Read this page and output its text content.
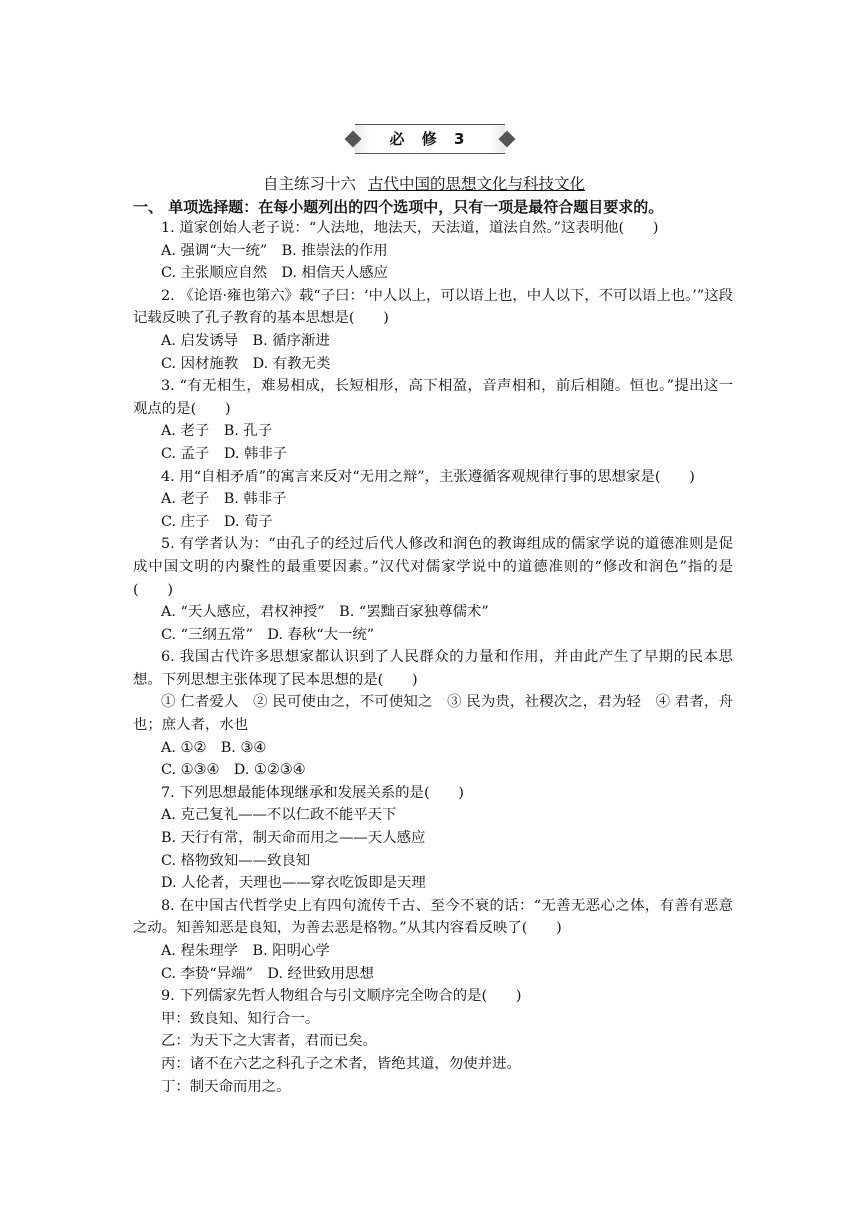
必 修 3
自主练习十六 古代中国的思想文化与科技文化
一、 单项选择题：在每小题列出的四个选项中，只有一项是最符合题目要求的。

1. 道家创始人老子说：“人法地，地法天，天法道，道法自然。”这表明他(　　)

A. 强调“大一统”　B. 推崇法的作用

C. 主张顺应自然　D. 相信天人感应

2. 《论语·雍也第六》载“子曰：‘中人以上，可以语上也，中人以下，不可以语上也。’”这段记载反映了孔子教育的基本思想是(　　)

A. 启发诱导　B. 循序渐进

C. 因材施教　D. 有教无类

3. “有无相生，难易相成，长短相形，高下相盈，音声相和，前后相随。恒也。”提出这一观点的是(　　)

A. 老子　B. 孔子

C. 孟子　D. 韩非子

4. 用“自相矛盾”的寓言来反对“无用之辩”，主张遵循客观规律行事的思想家是(　　)

A. 老子　B. 韩非子

C. 庄子　D. 荀子

5. 有学者认为：“由孔子的经过后代人修改和润色的教诲组成的儒家学说的道德准则是促成中国文明的内聚性的最重要因素。”汉代对儒家学说中的道德准则的“修改和润色”指的是(　　)

A. “天人感应，君权神授”　B. “罢黜百家独尊儒术”

C. “三纲五常”　D. 春秋“大一统”

6. 我国古代许多思想家都认识到了人民群众的力量和作用，并由此产生了早期的民本思想。下列思想主张体现了民本思想的是(　　)

① 仁者爱人　② 民可使由之，不可使知之　③ 民为贵，社稷次之，君为轻　④ 君者，舟也；庶人者，水也

A. ①②　B. ③④

C. ①③④　D. ①②③④

7. 下列思想最能体现继承和发展关系的是(　　)

A. 克己复礼——不以仁政不能平天下

B. 天行有常，制天命而用之——天人感应

C. 格物致知——致良知

D. 人伦者，天理也——穿衣吃饭即是天理

8. 在中国古代哲学史上有四句流传千古、至今不衰的话：“无善无恶心之体，有善有恶意之动。知善知恶是良知，为善去恶是格物。”从其内容看反映了(　　)

A. 程朱理学　B. 阳明心学

C. 李贽“异端”　D. 经世致用思想

9. 下列儒家先哲人物组合与引文顺序完全吻合的是(　　)

甲：致良知、知行合一。

乙：为天下之大害者，君而已矣。

丙：诸不在六艺之科孔子之术者，皆绝其道，勿使并进。

丁：制天命而用之。
